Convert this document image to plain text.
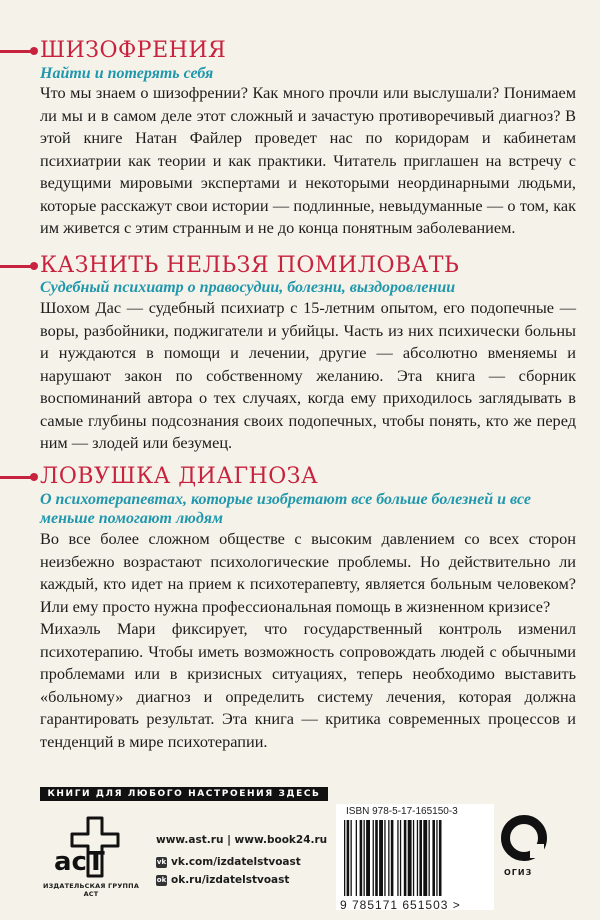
ШИЗОФРЕНИЯ
Найти и потерять себя

Что мы знаем о шизофрении? Как много прочли или выслушали? Понимаем ли мы и в самом деле этот сложный и зачастую противоречивый диагноз? В этой книге Натан Файлер проведет нас по коридорам и кабинетам психиатрии как теории и как практики. Читатель приглашен на встречу с ведущими мировыми экспертами и некоторыми неординарными людьми, которые расскажут свои истории — подлинные, невыдуманные — о том, как им живется с этим странным и не до конца понятным заболеванием.

КАЗНИТЬ НЕЛЬЗЯ ПОМИЛОВАТЬ
Судебный психиатр о правосудии, болезни, выздоровлении

Шохом Дас — судебный психиатр с 15-летним опытом, его подопечные — воры, разбойники, поджигатели и убийцы. Часть из них психически больны и нуждаются в помощи и лечении, другие — абсолютно вменяемы и нарушают закон по собственному желанию. Эта книга — сборник воспоминаний автора о тех случаях, когда ему приходилось заглядывать в самые глубины подсознания своих подопечных, чтобы понять, кто же перед ним — злодей или безумец.

ЛОВУШКА ДИАГНОЗА
О психотерапевтах, которые изобретают все больше болезней и все меньше помогают людям

Во все более сложном обществе с высоким давлением со всех сторон неизбежно возрастают психологические проблемы. Но действительно ли каждый, кто идет на прием к психотерапевту, является больным человеком? Или ему просто нужна профессиональная помощь в жизненном кризисе?

Михаэль Мари фиксирует, что государственный контроль изменил психотерапию. Чтобы иметь возможность сопровождать людей с обычными проблемами или в кризисных ситуациях, теперь необходимо выставить «больному» диагноз и определить систему лечения, которая должна гарантировать результат. Эта книга — критика современных процессов и тенденций в мире психотерапии.

КНИГИ ДЛЯ ЛЮБОГО НАСТРОЕНИЯ ЗДЕСЬ
aсТ
ИЗДАТЕЛЬСКАЯ ГРУППА АСТ
www.ast.ru | www.book24.ru
vk vk.com/izdatelstvoast
ok ok.ru/izdatelstvoast
ISBN 978-5-17-165150-3
9 785171 651503 >
ОГИЗ
